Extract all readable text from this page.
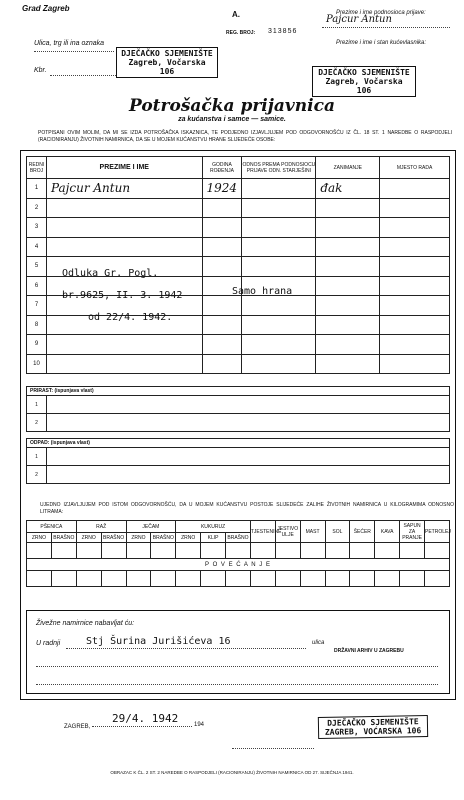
Grad Zagreb
A.
REG. BROJ: 313856
Prezime i ime podnosioca prijave:
Pajcur Antun
Prezime i ime i stan kućevlasnika:
Ulica, trg ili ina oznaka
Kbr.
DJEČAČKO SJEMENIŠTE
Zagreb, Vočarska 106	DJEČAČKO SJEMENIŠTE
Zagreb, Vočarska 106
Potrošačka prijavnica
za kućanstva i samce — samice.
POTPISANI OVIM MOLIM, DA MI SE IZDA POTROŠAČKA ISKAZNICA, TE PODJEDNO IZJAVLJUJEM POD ODGOVORNOŠĆU IZ ČL. 18 ST. 1 NAREDBE O RASPODJELI (RACIONIRANJU) ŽIVOTNIH NAMIRNICA, DA SE U MOJEM KUĆANSTVU HRANE SLIJEDEĆE OSOBE:
REDNI BROJ	PREZIME I IME	GODINA ROĐENJA	ODNOS PREMA PODNOSIOCU PRIJAVE ODN. STARJEŠINI	ZANIMANJE	MJESTO RADA
1	Pajcur Antun	1924		đak	
2					
3					
4					
5					
6					
7					
8					
9					
10					
Odluka Gr. Pogl.
br.9625, II. 3. 1942
od 22/4. 1942.
Samo hrana
PRIRAST: (ispunjava vlast)
1	
2	
ODPAD: (ispunjava vlast)
1	
2	
UJEDNO IZJAVLJUJEM POD ISTOM ODGOVORNOŠĆU, DA U MOJEM KUĆANSTVU POSTOJE SLIJEDEĆE ZALIHE ŽIVOTNIH NAMIRNICA U KILOGRAMIMA ODNOSNO LITRAMA:
PŠENICA		RAŽ		JEČAM		KUKURUZ			TJESTENINE	JESTIVO ULJE	MAST	SOL	ŠEĆER	KAVA	SAPUN ZA PRANJE	PETROLEJ
ZRNO	BRAŠNO	ZRNO	BRAŠNO	ZRNO	BRAŠNO	ZRNO	KLIP	BRAŠNO								

P O V E Ć A N J E																

Živežne namirnice nabavljat ću:
U radnji	Stj Šurina Jurišićeva 16	ulica
DRŽAVNI ARHIV U ZAGREBU
ZAGREB,
29/4. 1942	194	DJEČAČKO SJEMENIŠTE
ZAGREB, VOĆARSKA 106
OBRAZAC K ČL. 2 ST. 2 NAREDBE O RASPODJELI (RACIONIRANJU) ŽIVOTNIH NAMIRNICA OD 27. SIJEČNJA 1941.
